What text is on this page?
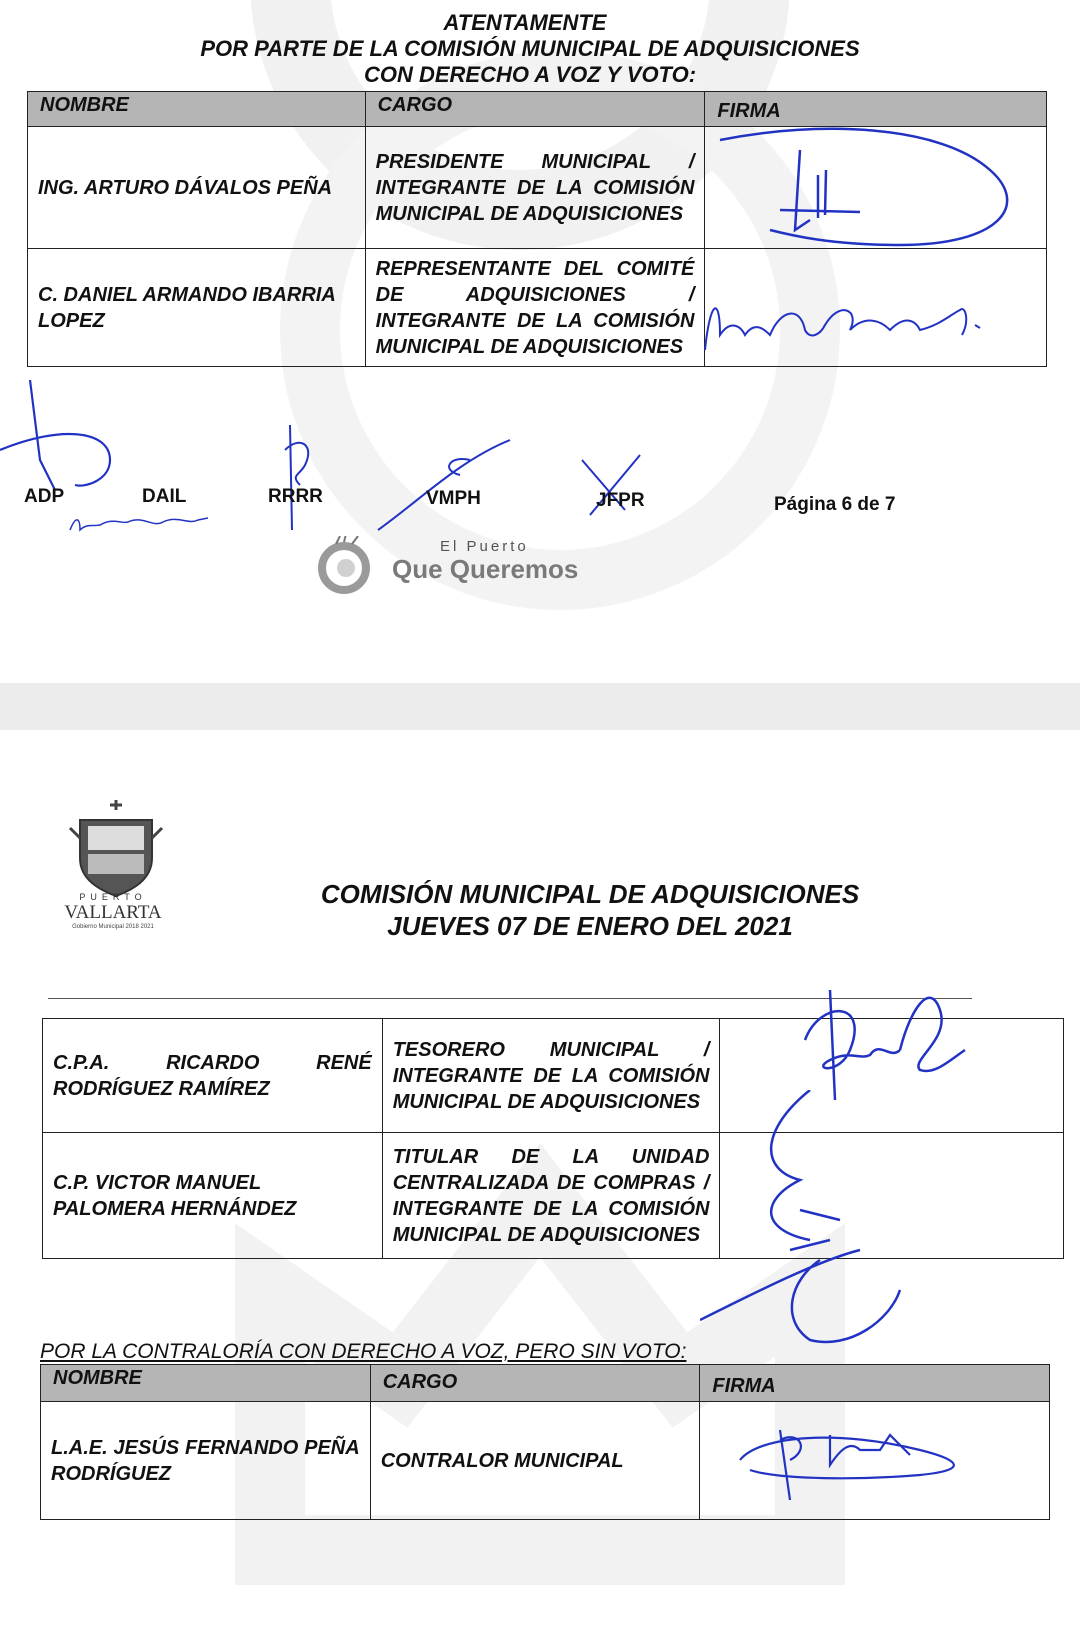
ATENTAMENTE
POR PARTE DE LA COMISIÓN MUNICIPAL DE ADQUISICIONES
CON DERECHO A VOZ Y VOTO:
NOMBRE	CARGO	FIRMA
ING. ARTURO DÁVALOS PEÑA	PRESIDENTE MUNICIPAL / INTEGRANTE DE LA COMISIÓN MUNICIPAL DE ADQUISICIONES	
C. DANIEL ARMANDO IBARRIA LOPEZ	REPRESENTANTE DEL COMITÉ DE ADQUISICIONES / INTEGRANTE DE LA COMISIÓN MUNICIPAL DE ADQUISICIONES	
ADP	DAIL	RRRR	VMPH	JFPR	Página 6 de 7
El Puerto
Que Queremos
PUERTO
VALLARTA
Gobierno Municipal 2018 2021
COMISIÓN MUNICIPAL DE ADQUISICIONES
JUEVES 07 DE ENERO DEL 2021
C.P.A. RICARDO RENÉ RODRÍGUEZ RAMÍREZ	TESORERO MUNICIPAL / INTEGRANTE DE LA COMISIÓN MUNICIPAL DE ADQUISICIONES	
C.P. VICTOR MANUEL PALOMERA HERNÁNDEZ	TITULAR DE LA UNIDAD CENTRALIZADA DE COMPRAS / INTEGRANTE DE LA COMISIÓN MUNICIPAL DE ADQUISICIONES	
POR LA CONTRALORÍA CON DERECHO A VOZ, PERO SIN VOTO:
NOMBRE	CARGO	FIRMA
L.A.E. JESÚS FERNANDO PEÑA RODRÍGUEZ	CONTRALOR MUNICIPAL	
